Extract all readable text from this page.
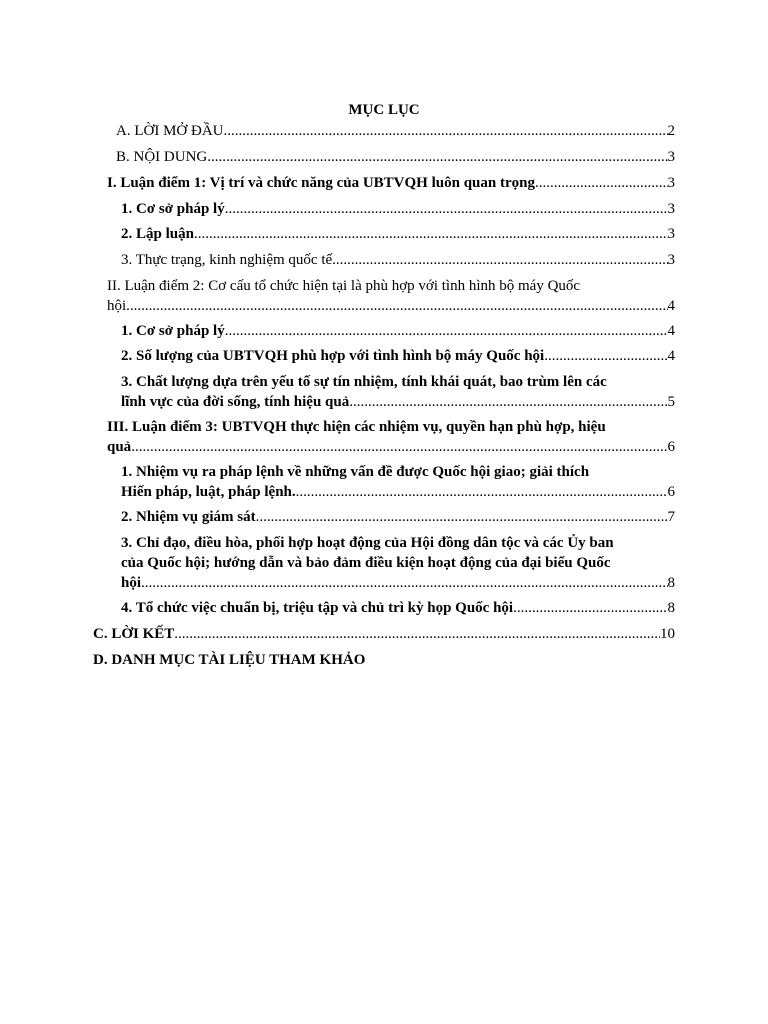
MỤC LỤC
A. LỜI MỞ ĐẦU .....	2
B. NỘI DUNG .....	3
I. Luận điểm 1: Vị trí và chức năng của UBTVQH luôn quan trọng .....	3
1. Cơ sở pháp lý .....	3
2. Lập luận .....	3
3. Thực trạng, kinh nghiệm quốc tế .....	3
II. Luận điểm 2: Cơ cấu tổ chức hiện tại là phù hợp với tình hình bộ máy Quốc
hội .....	4
1. Cơ sở pháp lý .....	4
2. Số lượng của UBTVQH phù hợp với tình hình bộ máy Quốc hội .....	4
3. Chất lượng dựa trên yếu tố sự tín nhiệm, tính khái quát, bao trùm lên các
lĩnh vực của đời sống, tính hiệu quả .....	5
III. Luận điểm 3: UBTVQH thực hiện các nhiệm vụ, quyền hạn phù hợp, hiệu
quả .....	6
1. Nhiệm vụ ra pháp lệnh về những vấn đề được Quốc hội giao; giải thích
Hiến pháp, luật, pháp lệnh. .....	6
2. Nhiệm vụ giám sát .....	7
3. Chỉ đạo, điều hòa, phối hợp hoạt động của Hội đồng dân tộc và các Ủy ban
của Quốc hội; hướng dẫn và bảo đảm điều kiện hoạt động của đại biểu Quốc
hội .....	8
4. Tổ chức việc chuẩn bị, triệu tập và chủ trì kỳ họp Quốc hội .....	8
C. LỜI KẾT .....	10
D. DANH MỤC TÀI LIỆU THAM KHẢO
